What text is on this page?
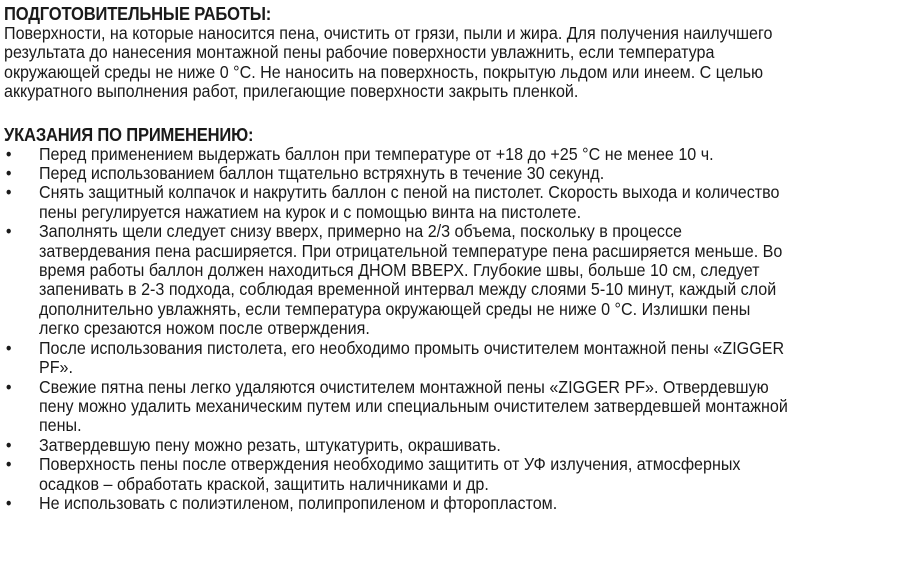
ПОДГОТОВИТЕЛЬНЫЕ РАБОТЫ:
Поверхности, на которые наносится пена, очистить от грязи, пыли и жира. Для получения наилучшего
результата до нанесения монтажной пены рабочие поверхности увлажнить, если температура
окружающей среды не ниже 0 °С. Не наносить на поверхность, покрытую льдом или инеем. С целью
аккуратного выполнения работ, прилегающие поверхности закрыть пленкой.
УКАЗАНИЯ ПО ПРИМЕНЕНИЮ:
• Перед применением выдержать баллон при температуре от +18 до +25 °С не менее 10 ч.
• Перед использованием баллон тщательно встряхнуть в течение 30 секунд.
• Снять защитный колпачок и накрутить баллон с пеной на пистолет. Скорость выхода и количество
пены регулируется нажатием на курок и с помощью винта на пистолете.
• Заполнять щели следует снизу вверх, примерно на 2/3 объема, поскольку в процессе
затвердевания пена расширяется. При отрицательной температуре пена расширяется меньше. Во
время работы баллон должен находиться ДНОМ ВВЕРХ. Глубокие швы, больше 10 см, следует
запенивать в 2-3 подхода, соблюдая временной интервал между слоями 5-10 минут, каждый слой
дополнительно увлажнять, если температура окружающей среды не ниже 0 °С. Излишки пены
легко срезаются ножом после отверждения.
• После использования пистолета, его необходимо промыть очистителем монтажной пены «ZIGGER
PF».
• Свежие пятна пены легко удаляются очистителем монтажной пены «ZIGGER PF». Отвердевшую
пену можно удалить механическим путем или специальным очистителем затвердевшей монтажной
пены.
• Затвердевшую пену можно резать, штукатурить, окрашивать.
• Поверхность пены после отверждения необходимо защитить от УФ излучения, атмосферных
осадков – обработать краской, защитить наличниками и др.
• Не использовать с полиэтиленом, полипропиленом и фторопластом.
